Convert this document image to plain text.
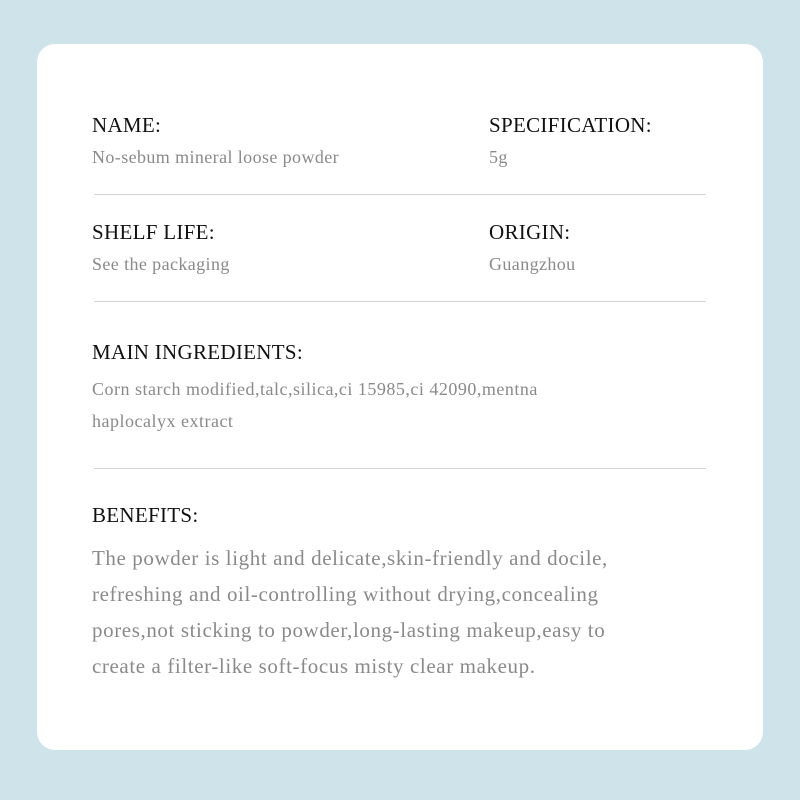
NAME:
No-sebum mineral loose powder
SPECIFICATION:
5g
SHELF LIFE:
See the packaging
ORIGIN:
Guangzhou
MAIN INGREDIENTS:
Corn starch modified,talc,silica,ci 15985,ci 42090,mentna
haplocalyx extract
BENEFITS:
The powder is light and delicate,skin-friendly and docile,
refreshing and oil-controlling without drying,concealing
pores,not sticking to powder,long-lasting makeup,easy to
create a filter-like soft-focus misty clear makeup.
